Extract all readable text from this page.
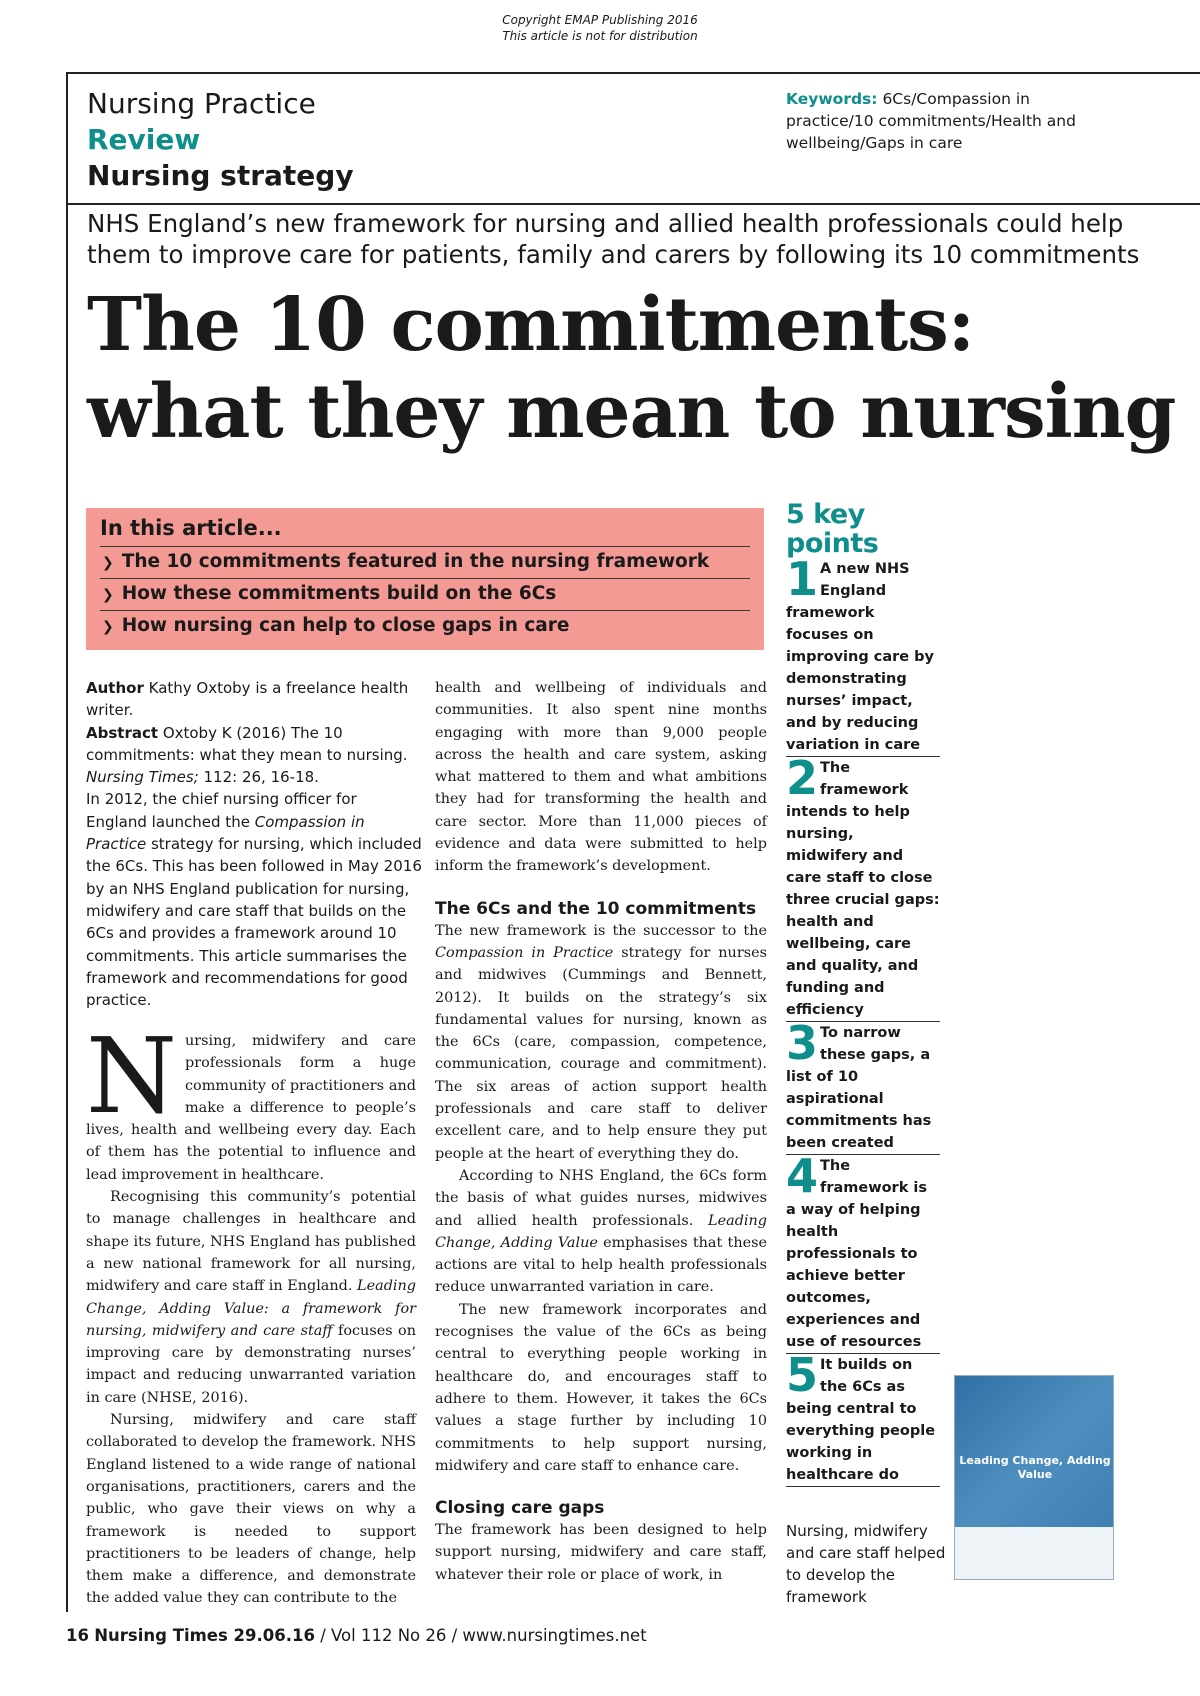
Copyright EMAP Publishing 2016
This article is not for distribution
Nursing Practice
Review
Nursing strategy
Keywords: 6Cs/Compassion in practice/10 commitments/Health and wellbeing/Gaps in care
NHS England’s new framework for nursing and allied health professionals could help them to improve care for patients, family and carers by following its 10 commitments
The 10 commitments:
what they mean to nursing
In this article...
❯ The 10 commitments featured in the nursing framework
❯ How these commitments build on the 6Cs
❯ How nursing can help to close gaps in care
5 key points
1 A new NHS England framework focuses on improving care by demonstrating nurses’ impact, and by reducing variation in care
2 The framework intends to help nursing, midwifery and care staff to close three crucial gaps: health and wellbeing, care and quality, and funding and efficiency
3 To narrow these gaps, a list of 10 aspirational commitments has been created
4 The framework is a way of helping health professionals to achieve better outcomes, experiences and use of resources
5 It builds on the 6Cs as being central to everything people working in healthcare do
Author Kathy Oxtoby is a freelance health writer.
Abstract Oxtoby K (2016) The 10 commitments: what they mean to nursing. Nursing Times; 112: 26, 16-18.
In 2012, the chief nursing officer for England launched the Compassion in Practice strategy for nursing, which included the 6Cs. This has been followed in May 2016 by an NHS England publication for nursing, midwifery and care staff that builds on the 6Cs and provides a framework around 10 commitments. This article summarises the framework and recommendations for good practice.

Nursing, midwifery and care professionals form a huge community of practitioners and make a difference to people’s lives, health and wellbeing every day. Each of them has the potential to influence and lead improvement in healthcare.

Recognising this community’s potential to manage challenges in healthcare and shape its future, NHS England has published a new national framework for all nursing, midwifery and care staff in England. Leading Change, Adding Value: a framework for nursing, midwifery and care staff focuses on improving care by demonstrating nurses’ impact and reducing unwarranted variation in care (NHSE, 2016).

Nursing, midwifery and care staff collaborated to develop the framework. NHS England listened to a wide range of national organisations, practitioners, carers and the public, who gave their views on why a framework is needed to support practitioners to be leaders of change, help them make a difference, and demonstrate the added value they can contribute to the

health and wellbeing of individuals and communities. It also spent nine months engaging with more than 9,000 people across the health and care system, asking what mattered to them and what ambitions they had for transforming the health and care sector. More than 11,000 pieces of evidence and data were submitted to help inform the framework’s development.

The 6Cs and the 10 commitments

The new framework is the successor to the Compassion in Practice strategy for nurses and midwives (Cummings and Bennett, 2012). It builds on the strategy’s six fundamental values for nursing, known as the 6Cs (care, compassion, competence, communication, courage and commitment). The six areas of action support health professionals and care staff to deliver excellent care, and to help ensure they put people at the heart of everything they do.

According to NHS England, the 6Cs form the basis of what guides nurses, midwives and allied health professionals. Leading Change, Adding Value emphasises that these actions are vital to help health professionals reduce unwarranted variation in care.

The new framework incorporates and recognises the value of the 6Cs as being central to everything people working in healthcare do, and encourages staff to adhere to them. However, it takes the 6Cs values a stage further by including 10 commitments to help support nursing, midwifery and care staff to enhance care.

Closing care gaps

The framework has been designed to help support nursing, midwifery and care staff, whatever their role or place of work, in

Leading Change, Adding Value
Nursing, midwifery and care staff helped to develop the framework
16 Nursing Times 29.06.16 / Vol 112 No 26 / www.nursingtimes.net
